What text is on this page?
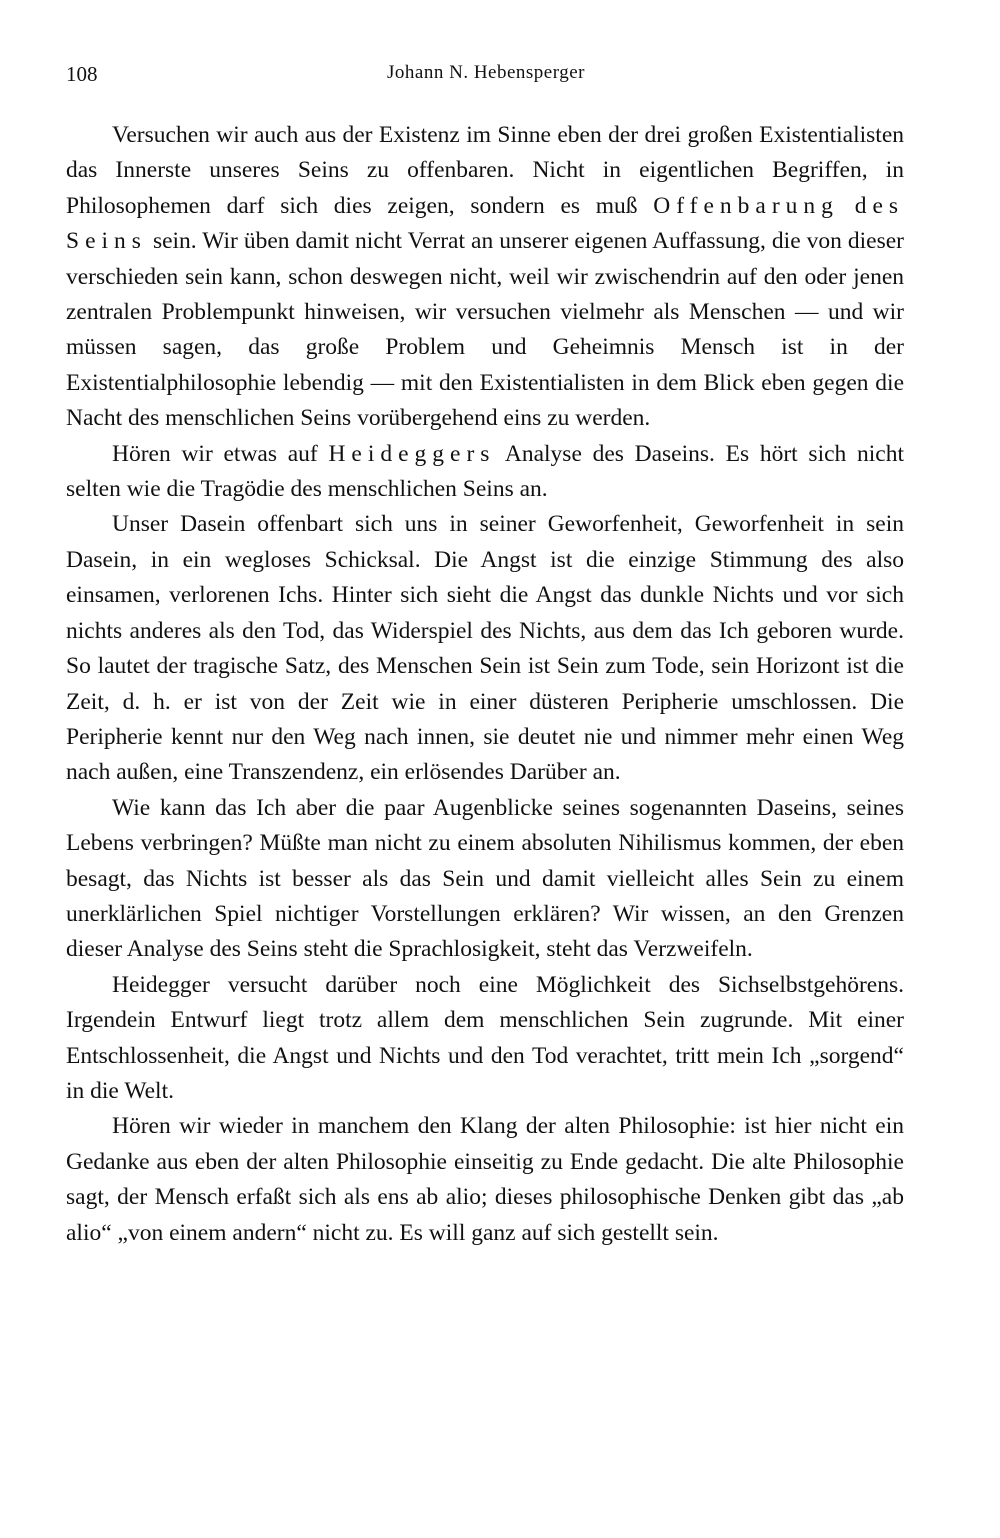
108	Johann N. Hebensperger

Versuchen wir auch aus der Existenz im Sinne eben der drei großen Existentialisten das Innerste unseres Seins zu offenbaren. Nicht in eigentlichen Begriffen, in Philosophemen darf sich dies zeigen, sondern es muß Offenbarung des Seins sein. Wir üben damit nicht Verrat an unserer eigenen Auffassung, die von dieser verschieden sein kann, schon deswegen nicht, weil wir zwischendrin auf den oder jenen zentralen Problempunkt hinweisen, wir versuchen vielmehr als Menschen — und wir müssen sagen, das große Problem und Geheimnis Mensch ist in der Existentialphilosophie lebendig — mit den Existentialisten in dem Blick eben gegen die Nacht des menschlichen Seins vorübergehend eins zu werden.

Hören wir etwas auf Heideggers Analyse des Daseins. Es hört sich nicht selten wie die Tragödie des menschlichen Seins an.

Unser Dasein offenbart sich uns in seiner Geworfenheit, Geworfenheit in sein Dasein, in ein wegloses Schicksal. Die Angst ist die einzige Stimmung des also einsamen, verlorenen Ichs. Hinter sich sieht die Angst das dunkle Nichts und vor sich nichts anderes als den Tod, das Widerspiel des Nichts, aus dem das Ich geboren wurde. So lautet der tragische Satz, des Menschen Sein ist Sein zum Tode, sein Horizont ist die Zeit, d. h. er ist von der Zeit wie in einer düsteren Peripherie umschlossen. Die Peripherie kennt nur den Weg nach innen, sie deutet nie und nimmer mehr einen Weg nach außen, eine Transzendenz, ein erlösendes Darüber an.

Wie kann das Ich aber die paar Augenblicke seines sogenannten Daseins, seines Lebens verbringen? Müßte man nicht zu einem absoluten Nihilismus kommen, der eben besagt, das Nichts ist besser als das Sein und damit vielleicht alles Sein zu einem unerklärlichen Spiel nichtiger Vorstellungen erklären? Wir wissen, an den Grenzen dieser Analyse des Seins steht die Sprachlosigkeit, steht das Verzweifeln.

Heidegger versucht darüber noch eine Möglichkeit des Sichselbstgehörens. Irgendein Entwurf liegt trotz allem dem menschlichen Sein zugrunde. Mit einer Entschlossenheit, die Angst und Nichts und den Tod verachtet, tritt mein Ich „sorgend“ in die Welt.

Hören wir wieder in manchem den Klang der alten Philosophie: ist hier nicht ein Gedanke aus eben der alten Philosophie einseitig zu Ende gedacht. Die alte Philosophie sagt, der Mensch erfaßt sich als ens ab alio; dieses philosophische Denken gibt das „ab alio“ „von einem andern“ nicht zu. Es will ganz auf sich gestellt sein.
